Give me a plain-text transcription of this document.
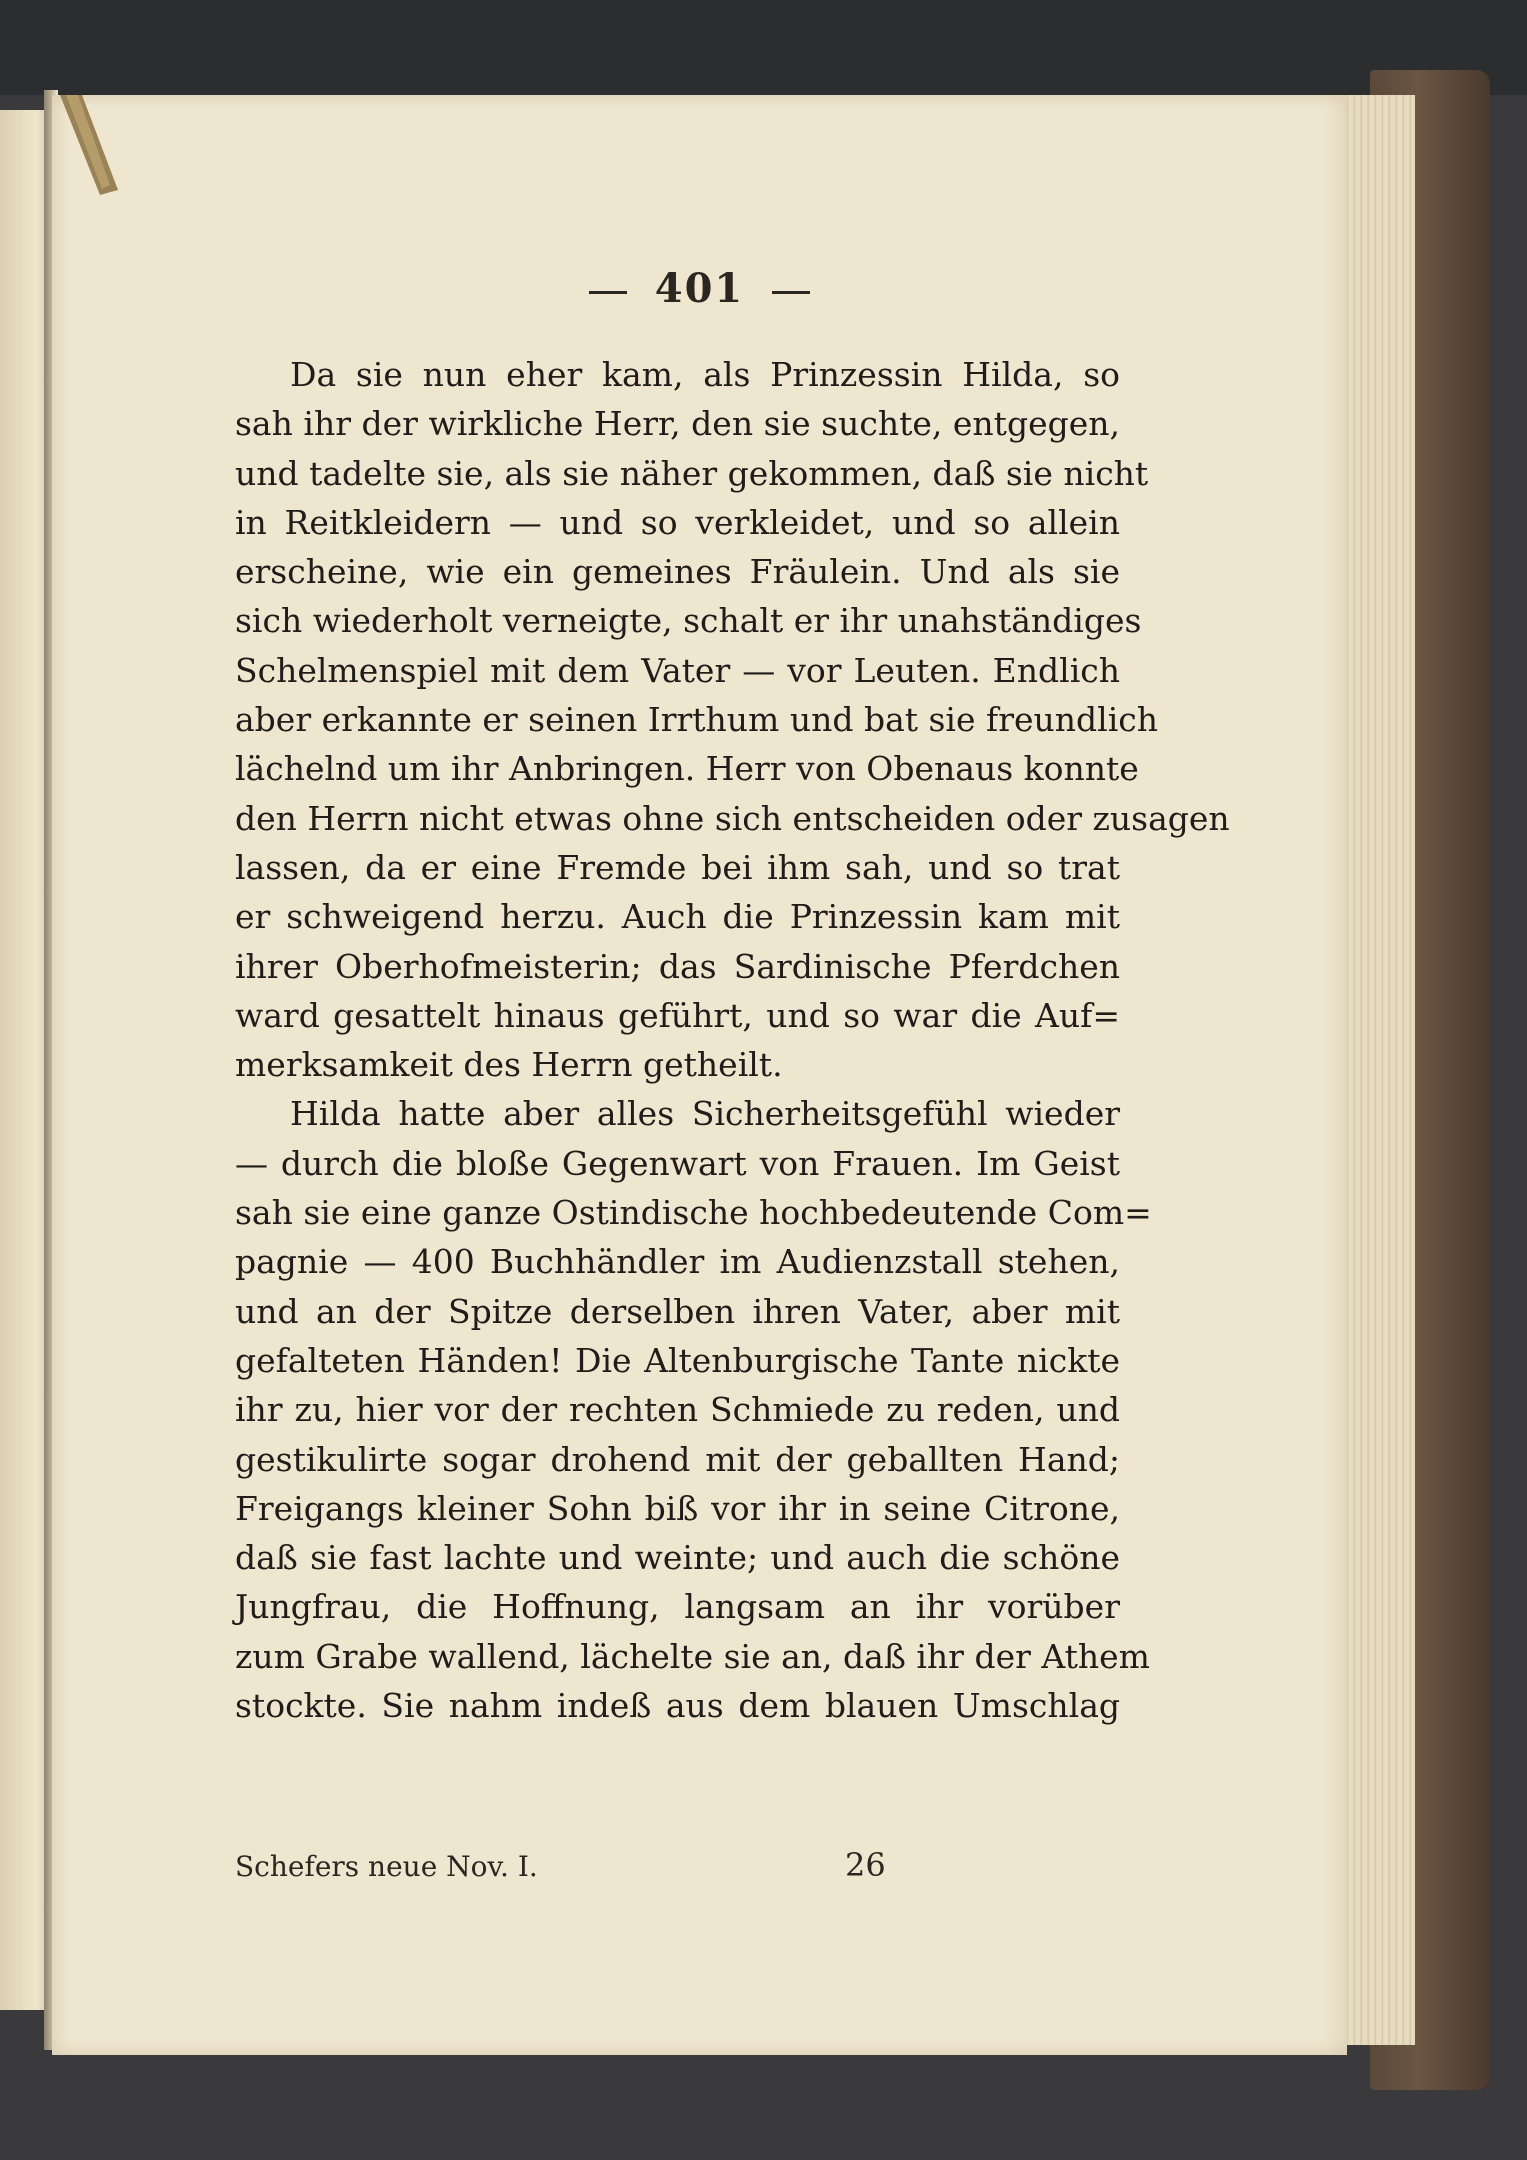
401
Da sie nun eher kam, als Prinzessin Hilda, so
sah ihr der wirkliche Herr, den sie suchte, entgegen,
und tadelte sie, als sie näher gekommen, daß sie nicht
in Reitkleidern — und so verkleidet, und so allein
erscheine, wie ein gemeines Fräulein. Und als sie
sich wiederholt verneigte, schalt er ihr unahständiges
Schelmenspiel mit dem Vater — vor Leuten. Endlich
aber erkannte er seinen Irrthum und bat sie freundlich
lächelnd um ihr Anbringen. Herr von Obenaus konnte
den Herrn nicht etwas ohne sich entscheiden oder zusagen
lassen, da er eine Fremde bei ihm sah, und so trat
er schweigend herzu. Auch die Prinzessin kam mit
ihrer Oberhofmeisterin; das Sardinische Pferdchen
ward gesattelt hinaus geführt, und so war die Auf=
merksamkeit des Herrn getheilt.
Hilda hatte aber alles Sicherheitsgefühl wieder
— durch die bloße Gegenwart von Frauen. Im Geist
sah sie eine ganze Ostindische hochbedeutende Com=
pagnie — 400 Buchhändler im Audienzstall stehen,
und an der Spitze derselben ihren Vater, aber mit
gefalteten Händen! Die Altenburgische Tante nickte
ihr zu, hier vor der rechten Schmiede zu reden, und
gestikulirte sogar drohend mit der geballten Hand;
Freigangs kleiner Sohn biß vor ihr in seine Citrone,
daß sie fast lachte und weinte; und auch die schöne
Jungfrau, die Hoffnung, langsam an ihr vorüber
zum Grabe wallend, lächelte sie an, daß ihr der Athem
stockte. Sie nahm indeß aus dem blauen Umschlag
Schefers neue Nov. I.	26
